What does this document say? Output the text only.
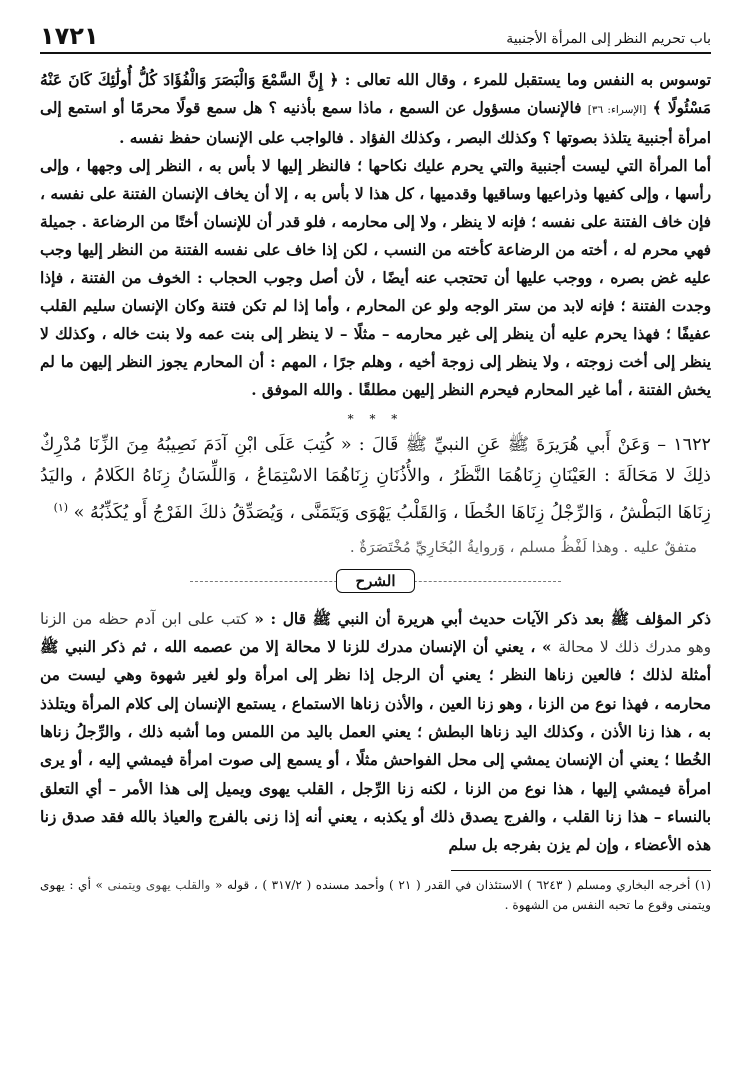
١٧٢١	باب تحريم النظر إلى المرأة الأجنبية

توسوس به النفس وما يستقبل للمرء ، وقال الله تعالى : ﴿ إِنَّ السَّمْعَ وَالْبَصَرَ وَالْفُؤَادَ كُلُّ أُولَٰئِكَ كَانَ عَنْهُ مَسْئُولًا ﴾ [الإسراء: ٣٦] فالإنسان مسؤول عن السمع ، ماذا سمع بأذنيه ؟ هل سمع قولًا محرمًا أو استمع إلى امرأة أجنبية يتلذذ بصوتها ؟ وكذلك البصر ، وكذلك الفؤاد . فالواجب على الإنسان حفظ نفسه .

أما المرأة التي ليست أجنبية والتي يحرم عليك نكاحها ؛ فالنظر إليها لا بأس به ، النظر إلى وجهها ، وإلى رأسها ، وإلى كفيها وذراعيها وساقيها وقدميها ، كل هذا لا بأس به ، إلا أن يخاف الإنسان الفتنة على نفسه ، فإن خاف الفتنة على نفسه ؛ فإنه لا ينظر ، ولا إلى محارمه ، فلو قدر أن للإنسان أختًا من الرضاعة . جميلة فهي محرم له ، أخته من الرضاعة كأخته من النسب ، لكن إذا خاف على نفسه الفتنة من النظر إليها وجب عليه غض بصره ، ووجب عليها أن تحتجب عنه أيضًا ، لأن أصل وجوب الحجاب : الخوف من الفتنة ، فإذا وجدت الفتنة ؛ فإنه لابد من ستر الوجه ولو عن المحارم ، وأما إذا لم تكن فتنة وكان الإنسان سليم القلب عفيفًا ؛ فهذا يحرم عليه أن ينظر إلى غير محارمه – مثلًا – لا ينظر إلى بنت عمه ولا بنت خاله ، وكذلك لا ينظر إلى أخت زوجته ، ولا ينظر إلى زوجة أخيه ، وهلم جرًا ، المهم : أن المحارم يجوز النظر إليهن ما لم يخش الفتنة ، أما غير المحارم فيحرم النظر إليهن مطلقًا . والله الموفق .

* * *
١٦٢٢ – وَعَنْ أَبي هُرَيرَةَ ﷺ عَنِ النبيِّ ﷺ قَالَ : « كُتِبَ عَلَى ابْنِ آدَمَ نَصِيبُهُ مِنَ الزِّنَا مُدْرِكٌ ذلِكَ لا مَحَالَةَ : العَيْنَانِ زِنَاهُمَا النَّظَرُ ، والأُذُنَانِ زِنَاهُمَا الاسْتِمَاعُ ، وَاللِّسَانُ زِنَاهُ الكَلامُ ، واليَدُ زِنَاهَا البَطْشُ ، وَالرِّجْلُ زِنَاهَا الخُطَا ، وَالقَلْبُ يَهْوَى وَيَتَمَنَّى ، وَيُصَدِّقُ ذلكَ الفَرْجُ أَو يُكَذِّبُهُ » $^{(١)}$
متفقٌ عليه . وهذا لَفْظُ مسلم ، وَروايةُ البُخَارِيِّ مُخْتَصَرَةٌ .
الشرح
ذكر المؤلف ﷺ بعد ذكر الآيات حديث أبي هريرة أن النبي ﷺ قال : « كتب على ابن آدم حظه من الزنا وهو مدرك ذلك لا محالة » ، يعني أن الإنسان مدرك للزنا لا محالة إلا من عصمه الله ، ثم ذكر النبي ﷺ أمثلة لذلك ؛ فالعين زناها النظر ؛ يعني أن الرجل إذا نظر إلى امرأة ولو لغير شهوة وهي ليست من محارمه ، فهذا نوع من الزنا ، وهو زنا العين ، والأذن زناها الاستماع ، يستمع الإنسان إلى كلام المرأة ويتلذذ به ، هذا زنا الأذن ، وكذلك اليد زناها البطش ؛ يعني العمل باليد من اللمس وما أشبه ذلك ، والرِّجلُ زناها الخُطا ؛ يعني أن الإنسان يمشي إلى محل الفواحش مثلًا ، أو يسمع إلى صوت امرأة فيمشي إليه ، أو يرى امرأة فيمشي إليها ، هذا نوع من الزنا ، لكنه زنا الرِّجل ، القلب يهوى ويميل إلى هذا الأمر – أي التعلق بالنساء – هذا زنا القلب ، والفرج يصدق ذلك أو يكذبه ، يعني أنه إذا زنى بالفرج والعياذ بالله فقد صدق زنا هذه الأعضاء ، وإن لم يزن بفرجه بل سلم
(١) أخرجه البخاري ومسلم ( ٦٢٤٣ ) الاستئذان في القدر ( ٢١ ) وأحمد مسنده ( ٣١٧/٢ ) ، قوله « والقلب يهوى ويتمنى » أي : يهوى ويتمنى وقوع ما تحبه النفس من الشهوة .
